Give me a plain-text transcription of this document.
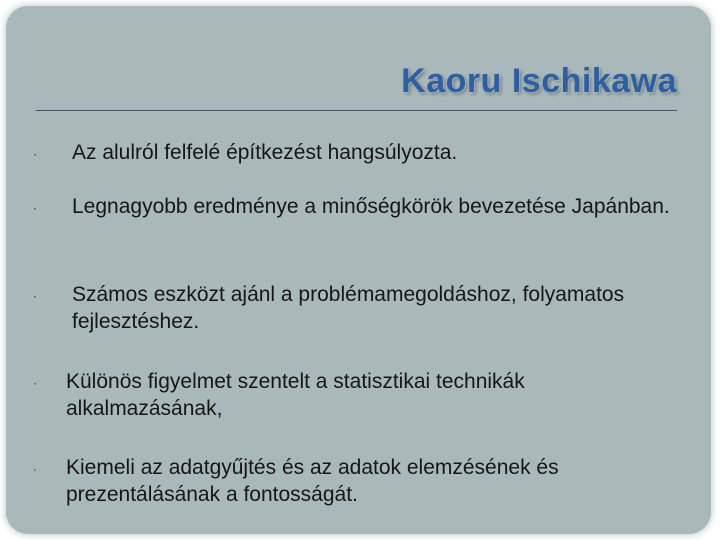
Kaoru Ischikawa
· Az alulról felfelé építkezést hangsúlyozta.
· Legnagyobb eredménye a minőségkörök bevezetése Japánban.
· Számos eszközt ajánl a problémamegoldáshoz, folyamatos fejlesztéshez.
· Különös figyelmet szentelt a statisztikai technikák alkalmazásának,
· Kiemeli az adatgyűjtés és az adatok elemzésének és prezentálásának a fontosságát.
